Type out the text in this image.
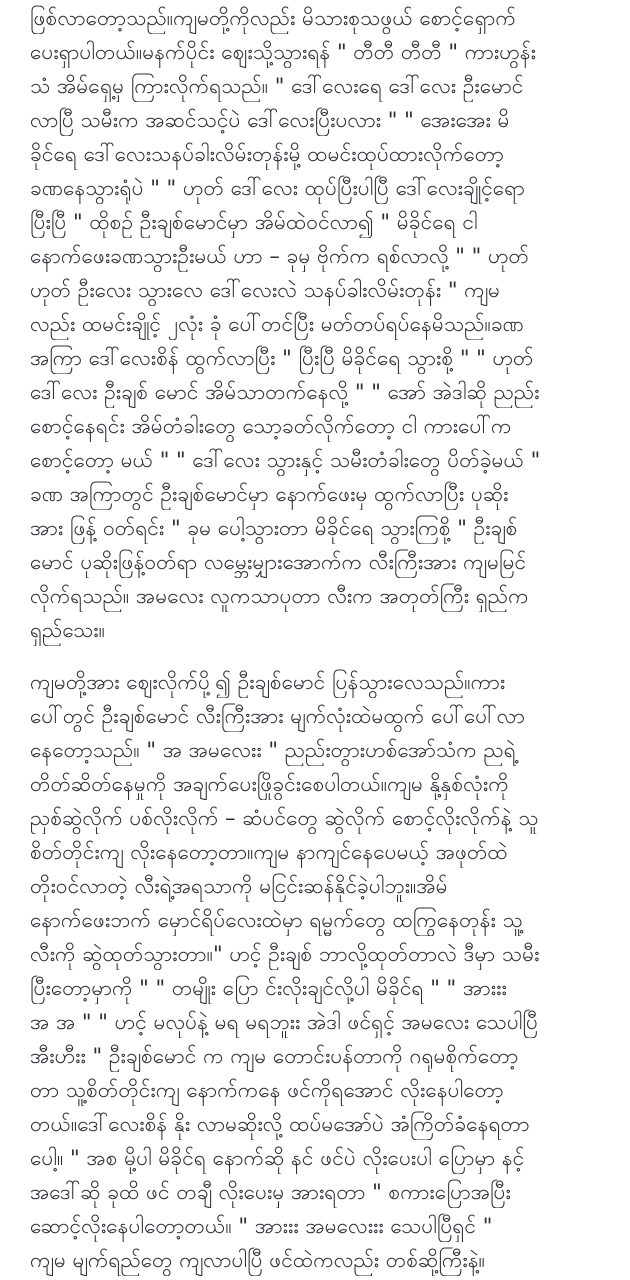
ဖြစ်လာတော့သည်။ကျမတို့ကိုလည်း မိသားစုသဖွယ် စောင့်ရှောက်
ပေးရှာပါတယ်။မနက်ပိုင်း ဈေးသို့သွားရန် " တီတီ တီတီ " ကားဟွန်း
သံ အိမ်ရှေ့မှ ကြားလိုက်ရသည်။ " ဒေါ်လေးရေ ဒေါ်လေး ဦးမောင်
လာပြီ သမီးက အဆင်သင့်ပဲ ဒေါ်လေးပြီးပလား " " အေးအေး မိ
ခိုင်ရေ ဒေါ်လေးသနပ်ခါးလိမ်းတုန်းမို့ ထမင်းထုပ်ထားလိုက်တော့
ခဏနေသွားရုံပဲ " " ဟုတ် ဒေါ်လေး ထုပ်ပြီးပါပြီ ဒေါ်လေးချိုင့်ရော
ပြီးပြီ " ထိုစဉ် ဦးချစ်မောင်မှာ အိမ်ထဲဝင်လာ၍ " မိခိုင်ရေ ငါ
နောက်ဖေးခဏသွားဦးမယ် ဟာ – ခုမှ ဗိုက်က ရစ်လာလို့ " " ဟုတ်
ဟုတ် ဦးလေး သွားလေ ဒေါ်လေးလဲ သနပ်ခါးလိမ်းတုန်း " ကျမ
လည်း ထမင်းချိုင့် ၂လုံး ခုံ ပေါ်တင်ပြီး မတ်တပ်ရပ်နေမိသည်။ခဏ
အကြာ ဒေါ်လေးစိန် ထွက်လာပြီး " ပြီးပြီ မိခိုင်ရေ သွားစို့ " " ဟုတ်
ဒေါ်လေး ဦးချစ် မောင် အိမ်သာတက်နေလို့ " " အော် အဲဒါဆို ညည်း
စောင့်နေရင်း အိမ်တံခါးတွေ သော့ခတ်လိုက်တော့ ငါ ကားပေါ်က
စောင့်တော့ မယ် " " ဒေါ်လေး သွားနှင့် သမီးတံခါးတွေ ပိတ်ခဲ့မယ် "
ခဏ အကြာတွင် ဦးချစ်မောင်မှာ နောက်ဖေးမှ ထွက်လာပြီး ပုဆိုး
အား ဖြန့် ဝတ်ရင်း " ခုမ ပေါ့သွားတာ မိခိုင်ရေ သွားကြစို့ " ဦးချစ်
မောင် ပုဆိုးဖြန့်ဝတ်ရာ လမ္ဘေးမျှားအောက်က လီးကြီးအား ကျမမြင်
လိုက်ရသည်။ အမလေး လူကသာပုတာ လီးက အတုတ်ကြီး ရှည်က
ရှည်သေး။
ကျမတို့အား ဈေးလိုက်ပို့၍ ဦးချစ်မောင် ပြန်သွားလေသည်။ကား
ပေါ်တွင် ဦးချစ်မောင် လီးကြီးအား မျက်လုံးထဲမထွက် ပေါ်ပေါ်လာ
နေတော့သည်။ " အ အမလေးး " ညည်းတွားဟစ်အော်သံက ညရဲ့
တိတ်ဆိတ်နေမှုကို အချက်ပေးဖြိုခွင်းစေပါတယ်။ကျမ နို့နှစ်လုံးကို
ညှစ်ဆွဲလိုက် ပစ်လိုးလိုက် – ဆံပင်တွေ ဆွဲလိုက် စောင့်လိုးလိုက်နဲ့ သူ
စိတ်တိုင်းကျ လိုးနေတော့တာ။ကျမ နာကျင်နေပေမယ့် အဖုတ်ထဲ
တိုးဝင်လာတဲ့ လီးရဲ့အရသာကို မငြင်းဆန်နိုင်ခဲ့ပါဘူး။အိမ်
နောက်ဖေးဘက် မှောင်ရိပ်လေးထဲမှာ ရမ္မက်တွေ ထကြွနေတုန်း သူ့
လီးကို ဆွဲထုတ်သွားတာ။" ဟင့် ဦးချစ် ဘာလို့ထုတ်တာလဲ ဒီမှာ သမီး
ပြီးတော့မှာကို " " တမျိုး ပြော င်းလိုးချင်လို့ပါ မိခိုင်ရ " " အားးး
အ အ " " ဟင့် မလုပ်နဲ့ မရ မရဘူးး အဲဒါ ဖင်ရှင့် အမလေး သေပါပြီ
အီးဟီးး " ဦးချစ်မောင် က ကျမ တောင်းပန်တာကို ဂရုမစိုက်တော့
တာ သူ့စိတ်တိုင်းကျ နောက်ကနေ ဖင်ကိုရအောင် လိုးနေပါတော့
တယ်။ဒေါ်လေးစိန် နိုး လာမဆိုးလို့ ထပ်မအော်ပဲ အံကြိတ်ခံနေရတာ
ပေါ့။ " အစ မို့ပါ မိခိုင်ရ နောက်ဆို နင် ဖင်ပဲ လိုးပေးပါ ပြောမှာ နင့်
အဒေါ်ဆို ခုထိ ဖင် တချီ လိုးပေးမှ အားရတာ " စကားပြောအပြီး
ဆောင့်လိုးနေပါတော့တယ်။ " အားးး အမလေးးး သေပါပြီရှင် "
ကျမ မျက်ရည်တွေ ကျလာပါပြီ ဖင်ထဲကလည်း တစ်ဆို့ကြီးနဲ့။
